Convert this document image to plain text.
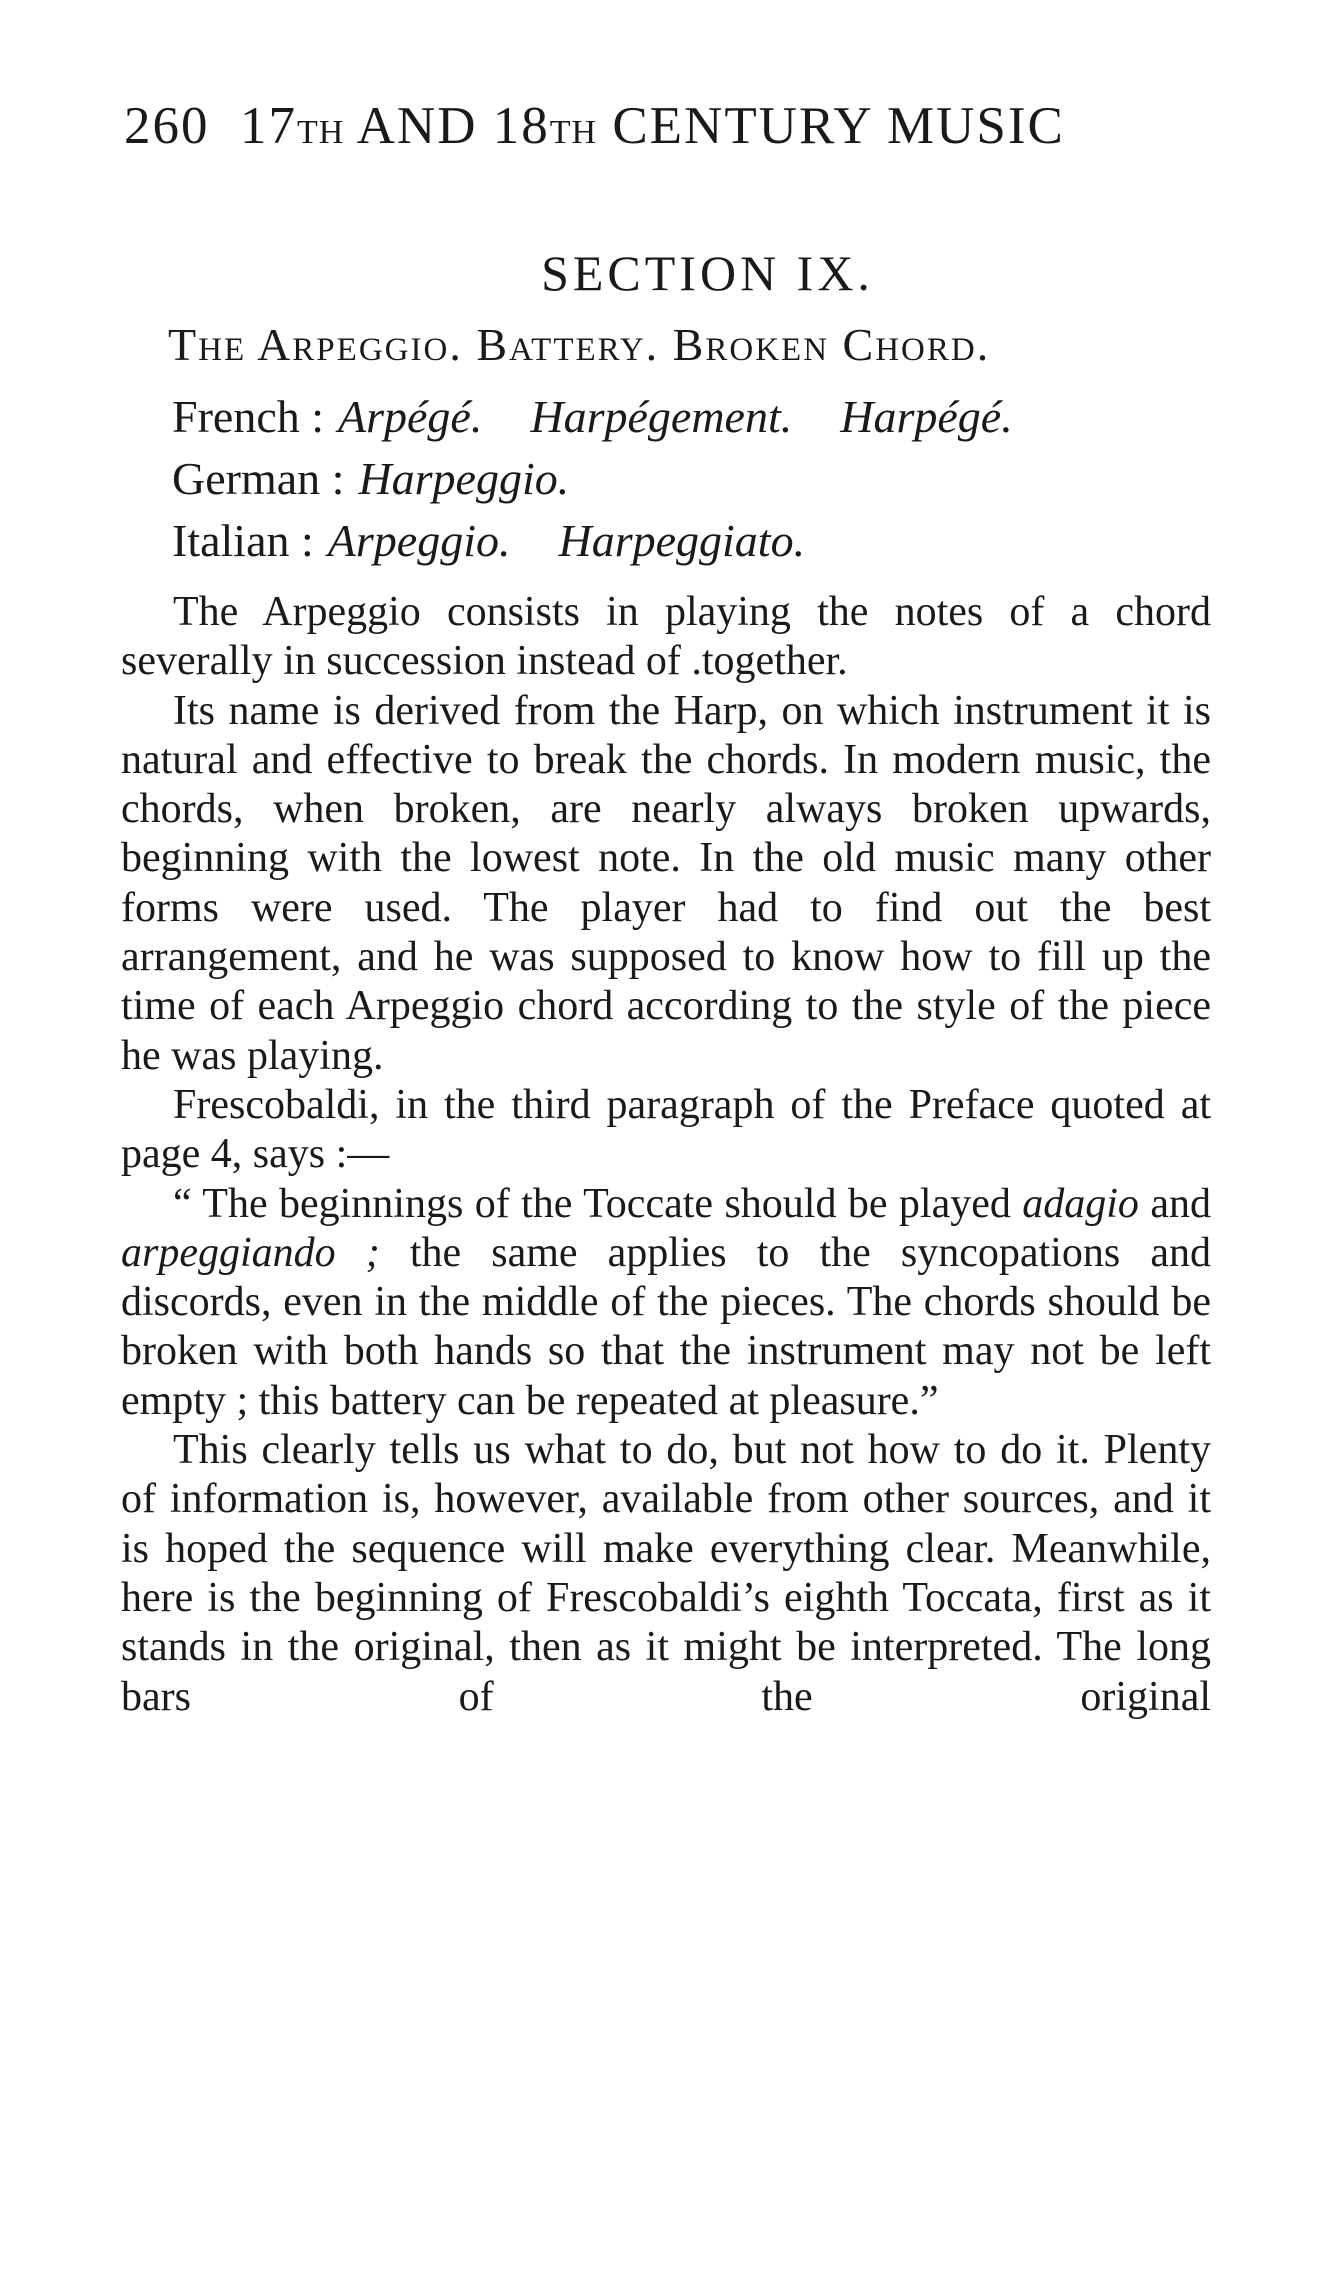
260 17TH AND 18TH CENTURY MUSIC
SECTION IX.
THE ARPEGGIO. BATTERY. BROKEN CHORD.
French : Arpégé. Harpégement. Harpégé.
German : Harpeggio.
Italian : Arpeggio. Harpeggiato.

The Arpeggio consists in playing the notes of a chord severally in succession instead of .together.

Its name is derived from the Harp, on which instrument it is natural and effective to break the chords. In modern music, the chords, when broken, are nearly always broken upwards, beginning with the lowest note. In the old music many other forms were used. The player had to find out the best arrangement, and he was supposed to know how to fill up the time of each Arpeggio chord according to the style of the piece he was playing.

Frescobaldi, in the third paragraph of the Preface quoted at page 4, says :—

“ The beginnings of the Toccate should be played adagio and arpeggiando ; the same applies to the syncopations and discords, even in the middle of the pieces. The chords should be broken with both hands so that the instrument may not be left empty ; this battery can be repeated at pleasure.”

This clearly tells us what to do, but not how to do it. Plenty of information is, however, available from other sources, and it is hoped the sequence will make everything clear. Meanwhile, here is the beginning of Frescobaldi’s eighth Toccata, first as it stands in the original, then as it might be interpreted. The long bars of the original
